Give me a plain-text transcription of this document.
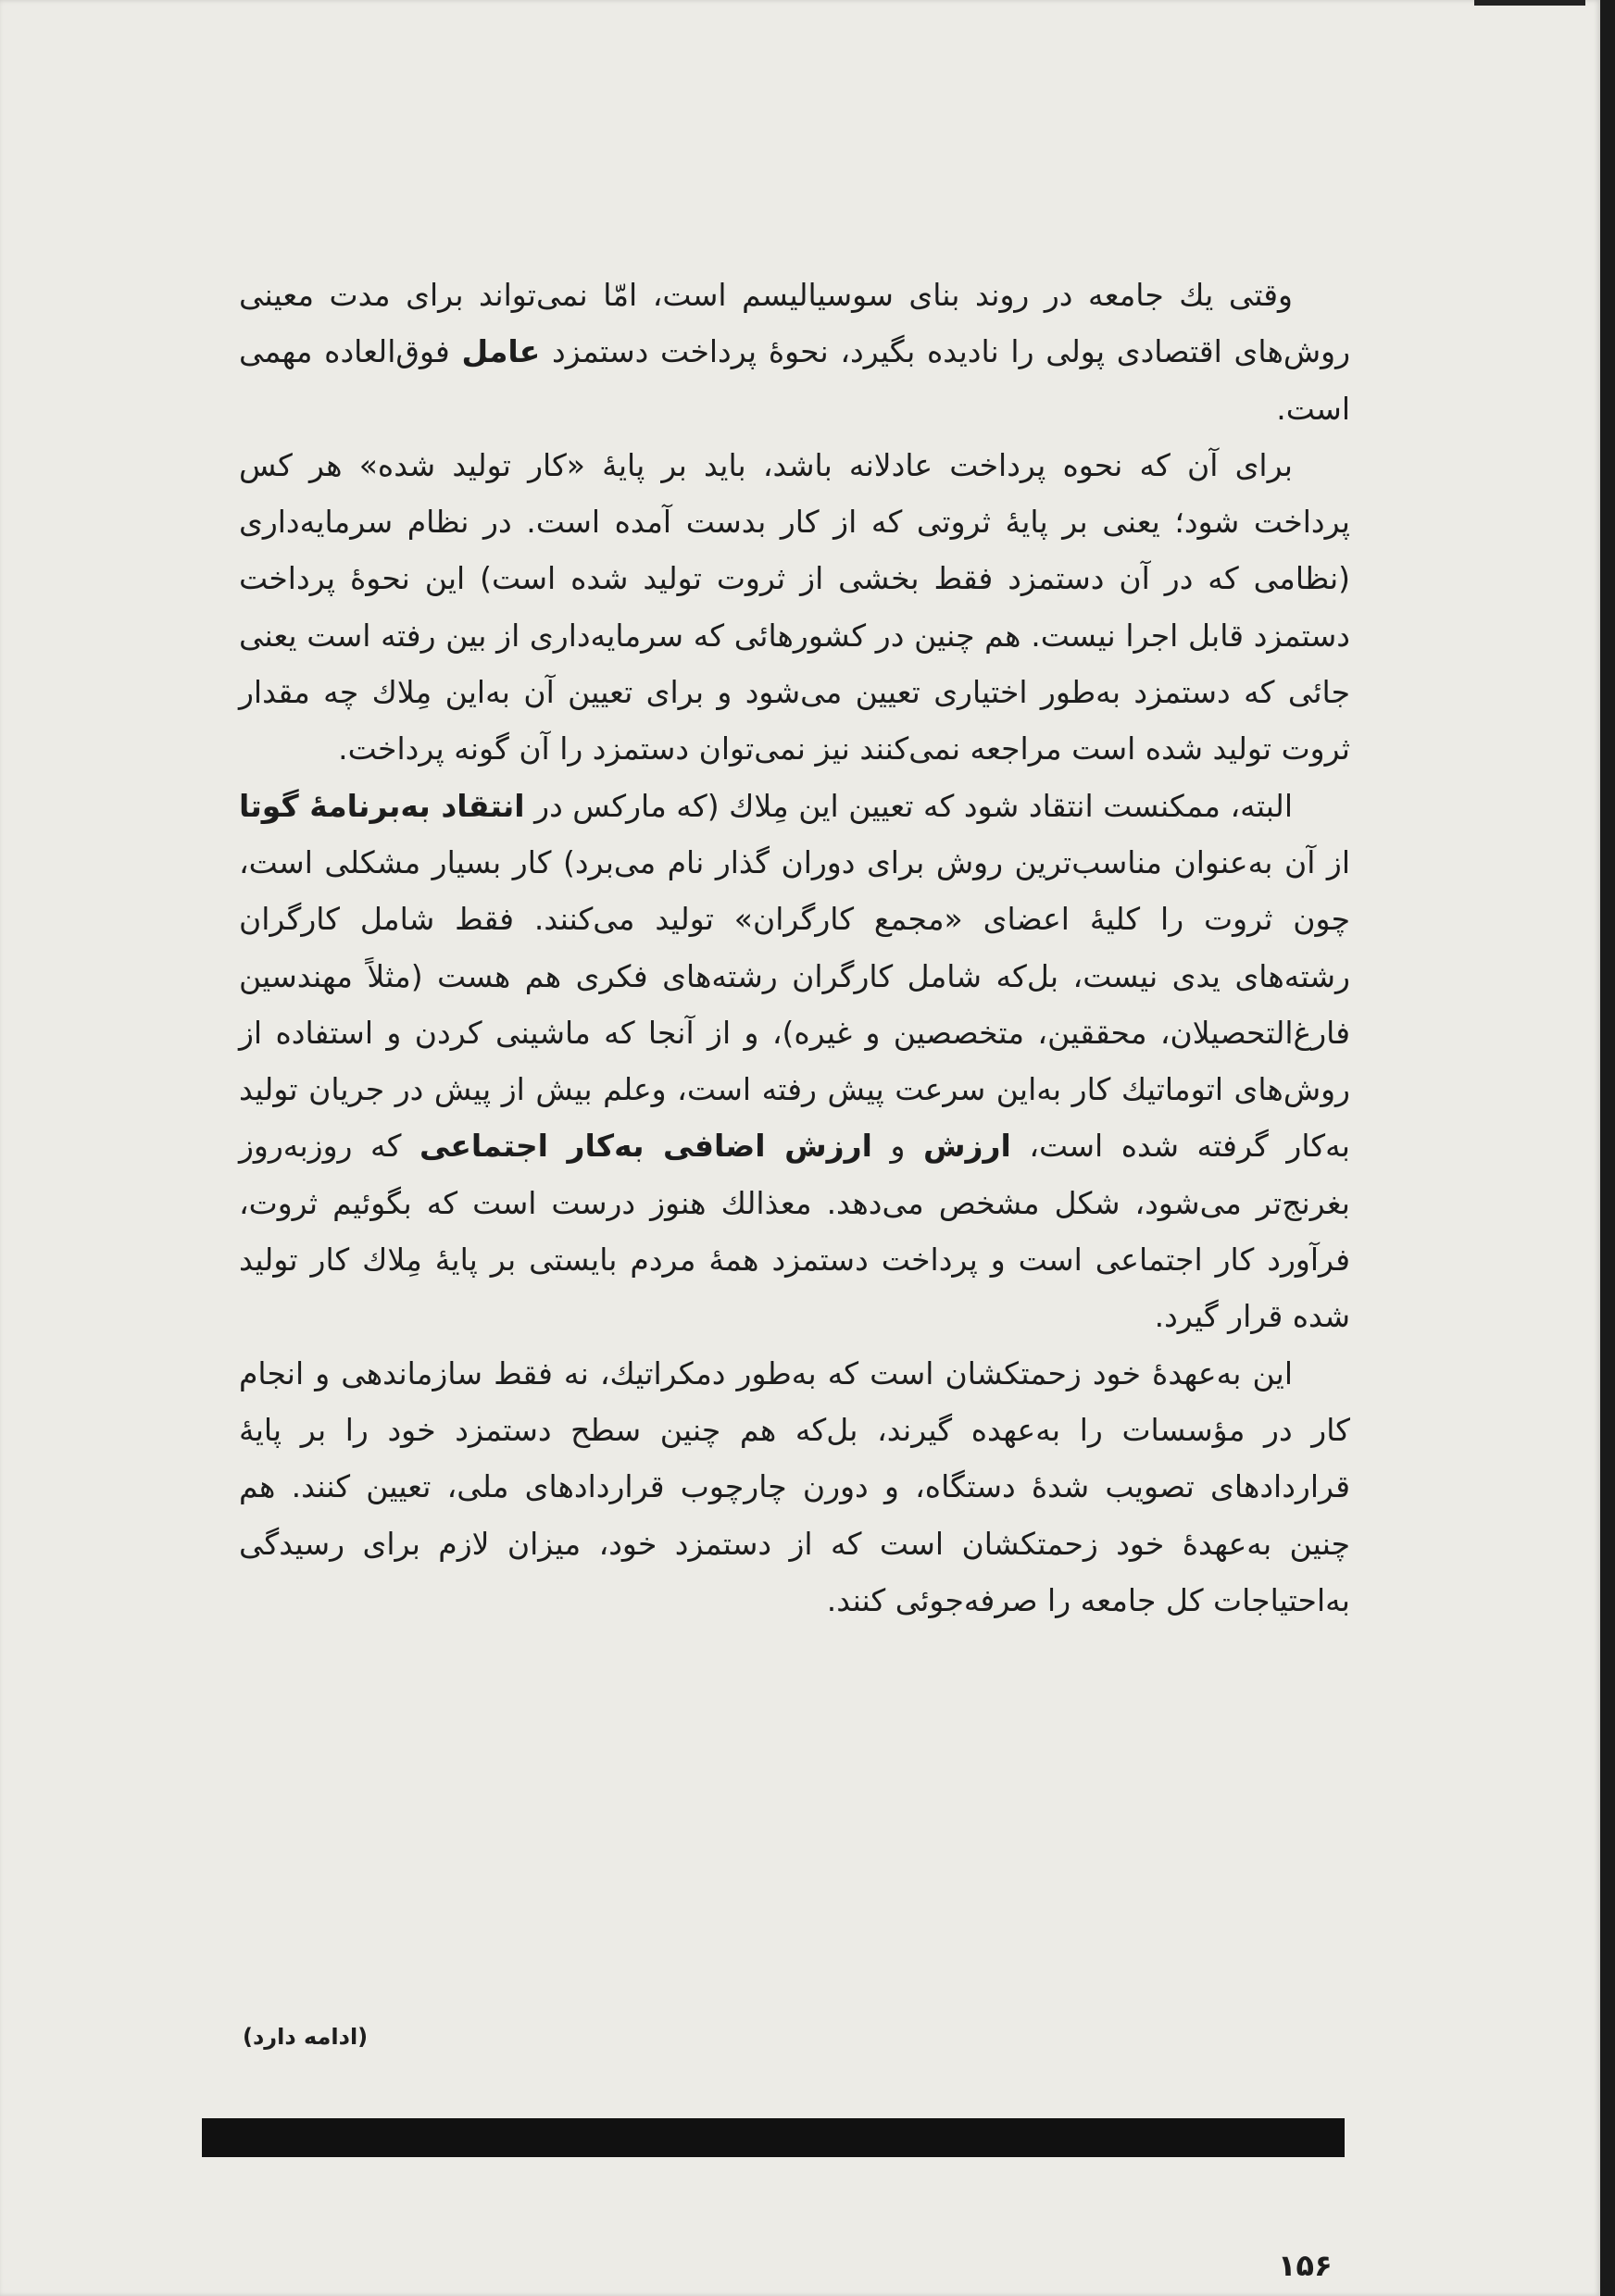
وقتی یك جامعه در روند بنای سوسیالیسم است، امّا نمی‌تواند برای مدت معینی روش‌های اقتصادی پولی را نادیده بگیرد، نحوهٔ پرداخت دستمزد عامل فوق‌العاده مهمی است.

برای آن که نحوه پرداخت عادلانه باشد، باید بر پایهٔ «کار تولید شده» هر کس پرداخت شود؛ یعنی بر پایهٔ ثروتی که از کار بدست آمده است. در نظام سرمایه‌داری (نظامی که در آن دستمزد فقط بخشی از ثروت تولید شده است) این نحوهٔ پرداخت دستمزد قابل اجرا نیست. هم چنین در کشورهائی که سرمایه‌داری از بین رفته است یعنی جائی که دستمزد به‌طور اختیاری تعیین می‌شود و برای تعیین آن به‌این مِلاك چه مقدار ثروت تولید شده است مراجعه نمی‌کنند نیز نمی‌توان دستمزد را آن گونه پرداخت.

البته، ممکنست انتقاد شود که تعیین این مِلاك (که مارکس در انتقاد به‌برنامهٔ گوتا از آن به‌عنوان مناسب‌ترین روش برای دوران گذار نام می‌برد) کار بسیار مشکلی است، چون ثروت را کلیهٔ اعضای «مجمع کارگران» تولید می‌کنند. فقط شامل کارگران رشته‌های یدی نیست، بل‌که شامل کارگران رشته‌های فکری هم هست (مثلاً مهندسین فارغ‌التحصیلان، محققین، متخصصین و غیره)، و از آنجا که ماشینی کردن و استفاده از روش‌های اتوماتیك کار به‌این سرعت پیش رفته است، وعلم بیش از پیش در جریان تولید به‌کار گرفته شده است، ارزش و ارزش اضافی به‌کار اجتماعی که روزبه‌روز بغرنج‌تر می‌شود، شکل مشخص می‌دهد. معذالك هنوز درست است که بگوئیم ثروت، فرآورد کار اجتماعی است و پرداخت دستمزد همهٔ مردم بایستی بر پایهٔ مِلاك کار تولید شده قرار گیرد.

این به‌عهدهٔ خود زحمتکشان است که به‌طور دمکراتیك، نه فقط سازماندهی و انجام کار در مؤسسات را به‌عهده گیرند، بل‌که هم چنین سطح دستمزد خود را بر پایهٔ قراردادهای تصویب شدهٔ دستگاه، و دورن چارچوب قراردادهای ملی، تعیین کنند. هم چنین به‌عهدهٔ خود زحمتکشان است که از دستمزد خود، میزان لازم برای رسیدگی به‌احتیاجات کل جامعه را صرفه‌جوئی کنند.

(ادامه دارد)
۱۵۶
